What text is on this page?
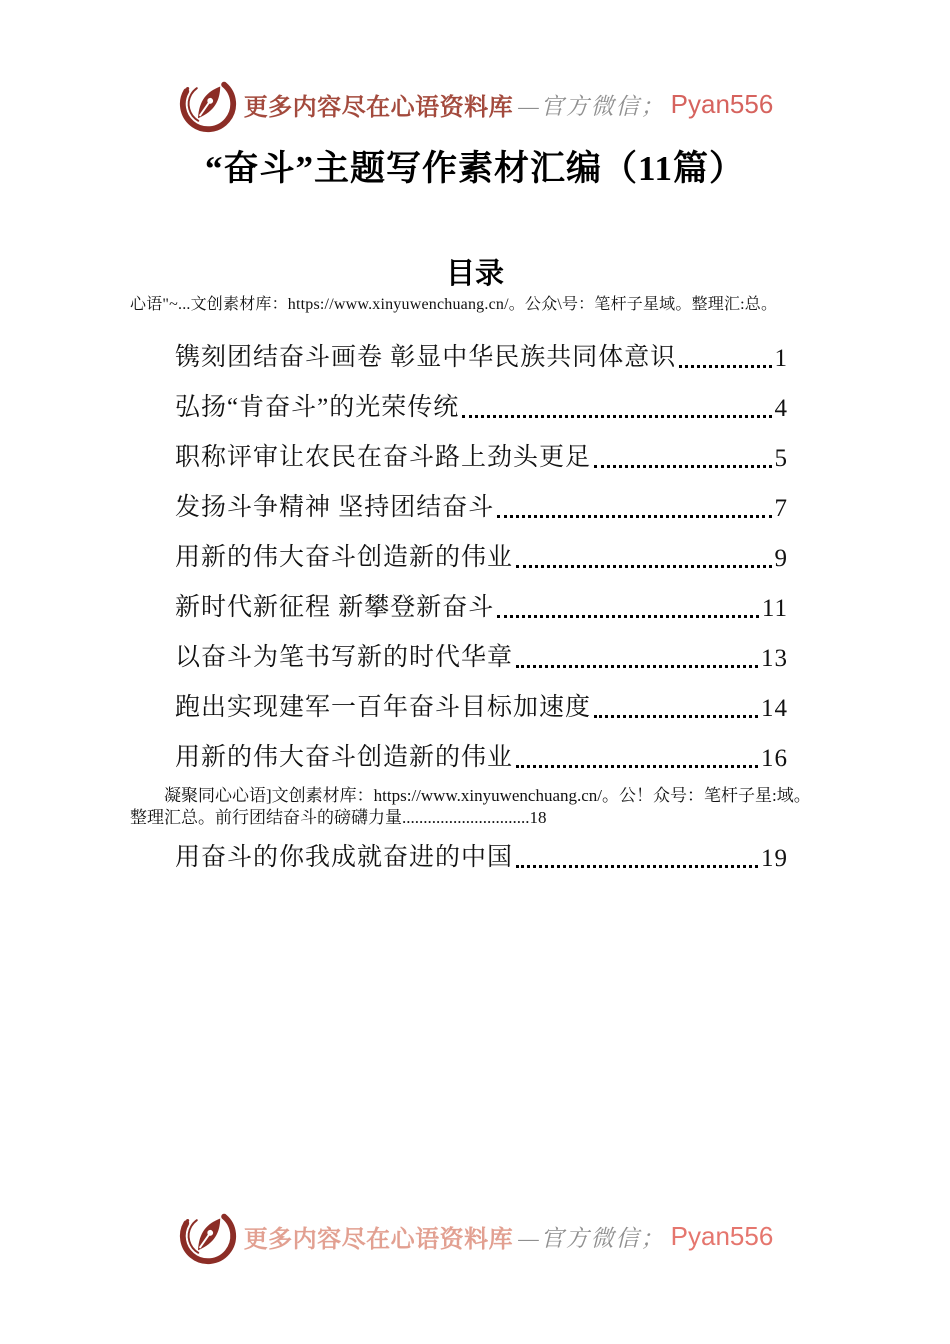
更多内容尽在心语资料库 —官方微信； Pyan556
“奋斗”主题写作素材汇编（11篇）
目录
心语"~...文创素材库：https://www.xinyuwenchuang.cn/。公众\号：笔杆子星域。整理汇:总。
镌刻团结奋斗画卷 彰显中华民族共同体意识	1
弘扬“肯奋斗”的光荣传统	4
职称评审让农民在奋斗路上劲头更足	5
发扬斗争精神 坚持团结奋斗	7
用新的伟大奋斗创造新的伟业	9
新时代新征程 新攀登新奋斗	11
以奋斗为笔书写新的时代华章	13
跑出实现建军一百年奋斗目标加速度	14
用新的伟大奋斗创造新的伟业	16

凝聚同心心语]文创素材库：https://www.xinyuwenchuang.cn/。公！众号：笔杆子星:域。整理汇总。前行团结奋斗的磅礴力量..............................18

用奋斗的你我成就奋进的中国	19
更多内容尽在心语资料库 —官方微信； Pyan556
